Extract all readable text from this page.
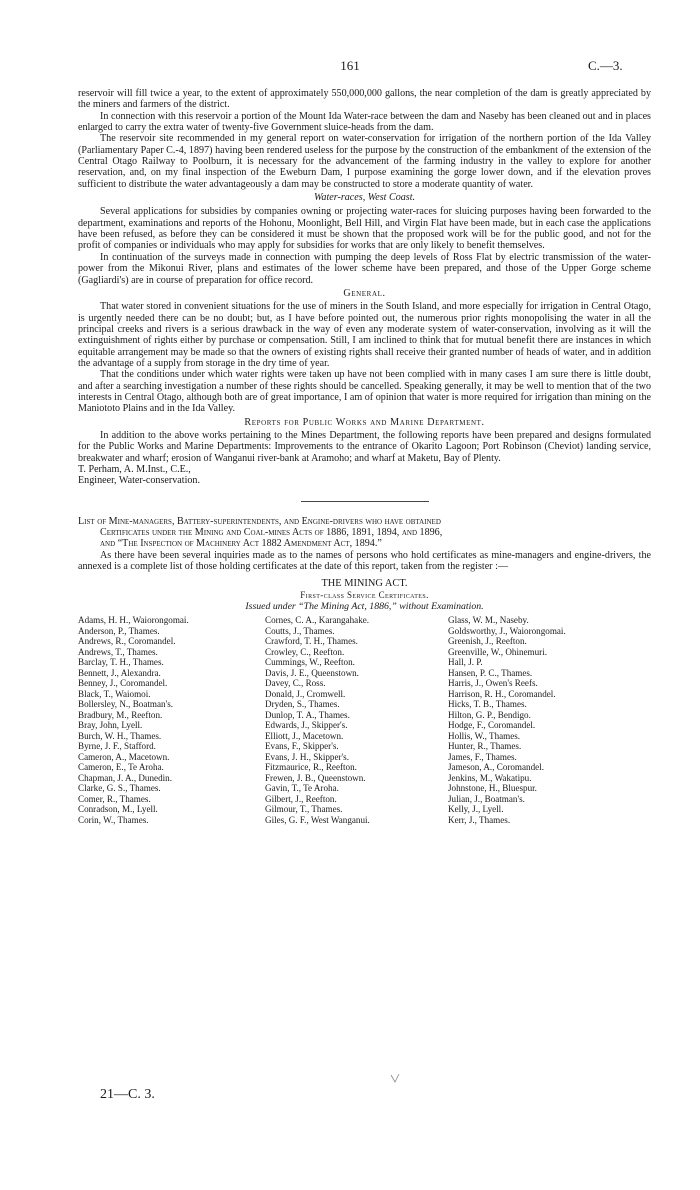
161	C.—3.

reservoir will fill twice a year, to the extent of approximately 550,000,000 gallons, the near completion of the dam is greatly appreciated by the miners and farmers of the district.

In connection with this reservoir a portion of the Mount Ida Water-race between the dam and Naseby has been cleaned out and in places enlarged to carry the extra water of twenty-five Government sluice-heads from the dam.

The reservoir site recommended in my general report on water-conservation for irrigation of the northern portion of the Ida Valley (Parliamentary Paper C.-4, 1897) having been rendered useless for the purpose by the construction of the embankment of the extension of the Central Otago Railway to Poolburn, it is necessary for the advancement of the farming industry in the valley to explore for another reservation, and, on my final inspection of the Eweburn Dam, I purpose examining the gorge lower down, and if the elevation proves sufficient to distribute the water advantageously a dam may be constructed to store a moderate quantity of water.

Water-races, West Coast.

Several applications for subsidies by companies owning or projecting water-races for sluicing purposes having been forwarded to the department, examinations and reports of the Hohonu, Moonlight, Bell Hill, and Virgin Flat have been made, but in each case the applications have been refused, as before they can be considered it must be shown that the proposed work will be for the public good, and not for the profit of companies or individuals who may apply for subsidies for works that are only likely to benefit themselves.

In continuation of the surveys made in connection with pumping the deep levels of Ross Flat by electric transmission of the water-power from the Mikonui River, plans and estimates of the lower scheme have been prepared, and those of the Upper Gorge scheme (Gagliardi's) are in course of preparation for office record.

General.

That water stored in convenient situations for the use of miners in the South Island, and more especially for irrigation in Central Otago, is urgently needed there can be no doubt; but, as I have before pointed out, the numerous prior rights monopolising the water in all the principal creeks and rivers is a serious drawback in the way of even any moderate system of water-conservation, involving as it will the extinguishment of rights either by purchase or compensation. Still, I am inclined to think that for mutual benefit there are instances in which equitable arrangement may be made so that the owners of existing rights shall receive their granted number of heads of water, and in addition the advantage of a supply from storage in the dry time of year.

That the conditions under which water rights were taken up have not been complied with in many cases I am sure there is little doubt, and after a searching investigation a number of these rights should be cancelled. Speaking generally, it may be well to mention that of the two interests in Central Otago, although both are of great importance, I am of opinion that water is more required for irrigation than mining on the Maniototo Plains and in the Ida Valley.

Reports for Public Works and Marine Department.

In addition to the above works pertaining to the Mines Department, the following reports have been prepared and designs formulated for the Public Works and Marine Departments: Improvements to the entrance of Okarito Lagoon; Port Robinson (Cheviot) landing service, breakwater and wharf; erosion of Wanganui river-bank at Aramoho; and wharf at Maketu, Bay of Plenty.

T. Perham, A. M.Inst., C.E.,

Engineer, Water-conservation.

List of Mine-managers, Battery-superintendents, and Engine-drivers who have obtained
Certificates under the Mining and Coal-mines Acts of 1886, 1891, 1894, and 1896,
and “The Inspection of Machinery Act 1882 Amendment Act, 1894.”

As there have been several inquiries made as to the names of persons who hold certificates as mine-managers and engine-drivers, the annexed is a complete list of those holding certificates at the date of this report, taken from the register :—

THE MINING ACT.
First-class Service Certificates.
Issued under “The Mining Act, 1886,” without Examination.
Adams, H. H., Waiorongomai.
Anderson, P., Thames.
Andrews, R., Coromandel.
Andrews, T., Thames.
Barclay, T. H., Thames.
Bennett, J., Alexandra.
Benney, J., Coromandel.
Black, T., Waiomoi.
Bollersley, N., Boatman's.
Bradbury, M., Reefton.
Bray, John, Lyell.
Burch, W. H., Thames.
Byrne, J. F., Stafford.
Cameron, A., Macetown.
Cameron, E., Te Aroha.
Chapman, J. A., Dunedin.
Clarke, G. S., Thames.
Comer, R., Thames.
Conradson, M., Lyell.
Corin, W., Thames.
Cornes, C. A., Karangahake.
Coutts, J., Thames.
Crawford, T. H., Thames.
Crowley, C., Reefton.
Cummings, W., Reefton.
Davis, J. E., Queenstown.
Davey, C., Ross.
Donald, J., Cromwell.
Dryden, S., Thames.
Dunlop, T. A., Thames.
Edwards, J., Skipper's.
Elliott, J., Macetown.
Evans, F., Skipper's.
Evans, J. H., Skipper's.
Fitzmaurice, R., Reefton.
Frewen, J. B., Queenstown.
Gavin, T., Te Aroha.
Gilbert, J., Reefton.
Gilmour, T., Thames.
Giles, G. F., West Wanganui.
Glass, W. M., Naseby.
Goldsworthy, J., Waiorongomai.
Greenish, J., Reefton.
Greenville, W., Ohinemuri.
Hall, J. P.
Hansen, P. C., Thames.
Harris, J., Owen's Reefs.
Harrison, R. H., Coromandel.
Hicks, T. B., Thames.
Hilton, G. P., Bendigo.
Hodge, F., Coromandel.
Hollis, W., Thames.
Hunter, R., Thames.
James, F., Thames.
Jameson, A., Coromandel.
Jenkins, M., Wakatipu.
Johnstone, H., Bluespur.
Julian, J., Boatman's.
Kelly, J., Lyell.
Kerr, J., Thames.
21—C. 3.
